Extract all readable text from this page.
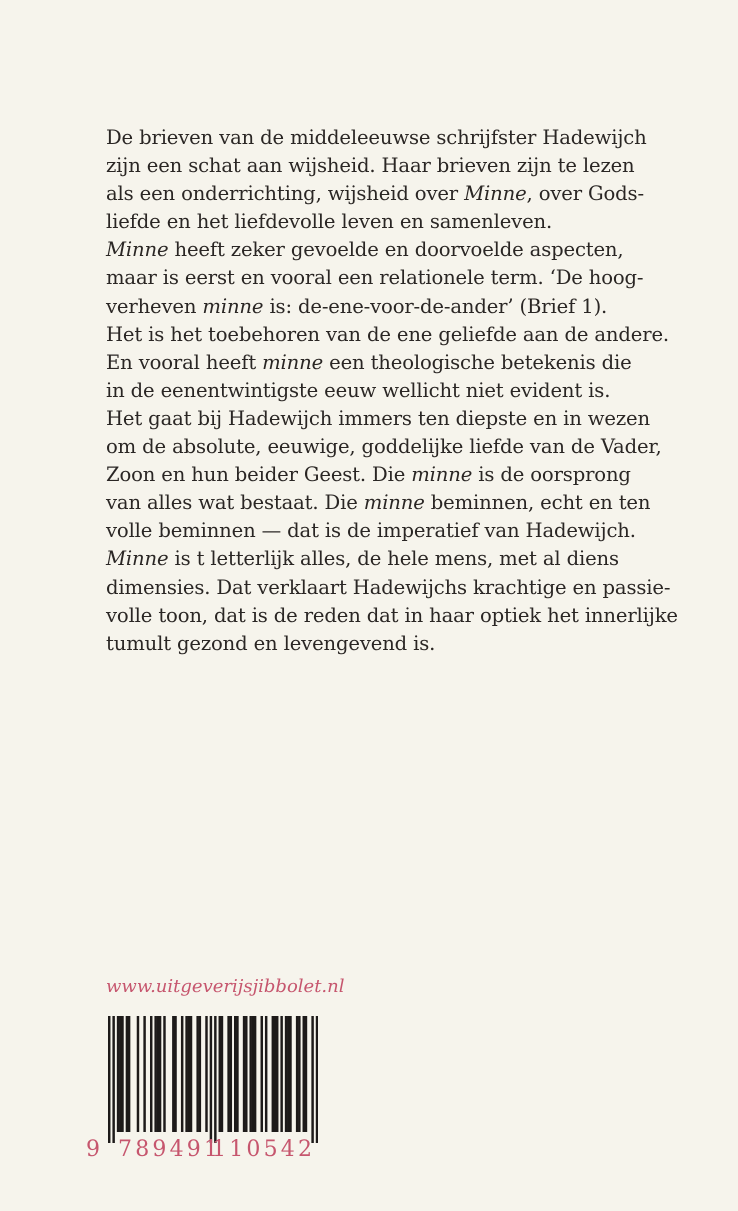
De brieven van de middeleeuwse schrijfster Hadewijch
zijn een schat aan wijsheid. Haar brieven zijn te lezen
als een onderrichting, wijsheid over Minne, over Gods-
liefde en het liefdevolle leven en samenleven.
Minne heeft zeker gevoelde en doorvoelde aspecten,
maar is eerst en vooral een relationele term. ‘De hoog-
verheven minne is: de-ene-voor-de-ander’ (Brief 1).
Het is het toebehoren van de ene geliefde aan de andere.
En vooral heeft minne een theologische betekenis die
in de eenentwintigste eeuw wellicht niet evident is.
Het gaat bij Hadewijch immers ten diepste en in wezen
om de absolute, eeuwige, goddelijke liefde van de Vader,
Zoon en hun beider Geest. Die minne is de oorsprong
van alles wat bestaat. Die minne beminnen, echt en ten
volle beminnen — dat is de imperatief van Hadewijch.
Minne is t letterlijk alles, de hele mens, met al diens
dimensies. Dat verklaart Hadewijchs krachtige en passie-
volle toon, dat is de reden dat in haar optiek het innerlijke
tumult gezond en levengevend is.
www.uitgeverijsjibbolet.nl
9 789491
110542
